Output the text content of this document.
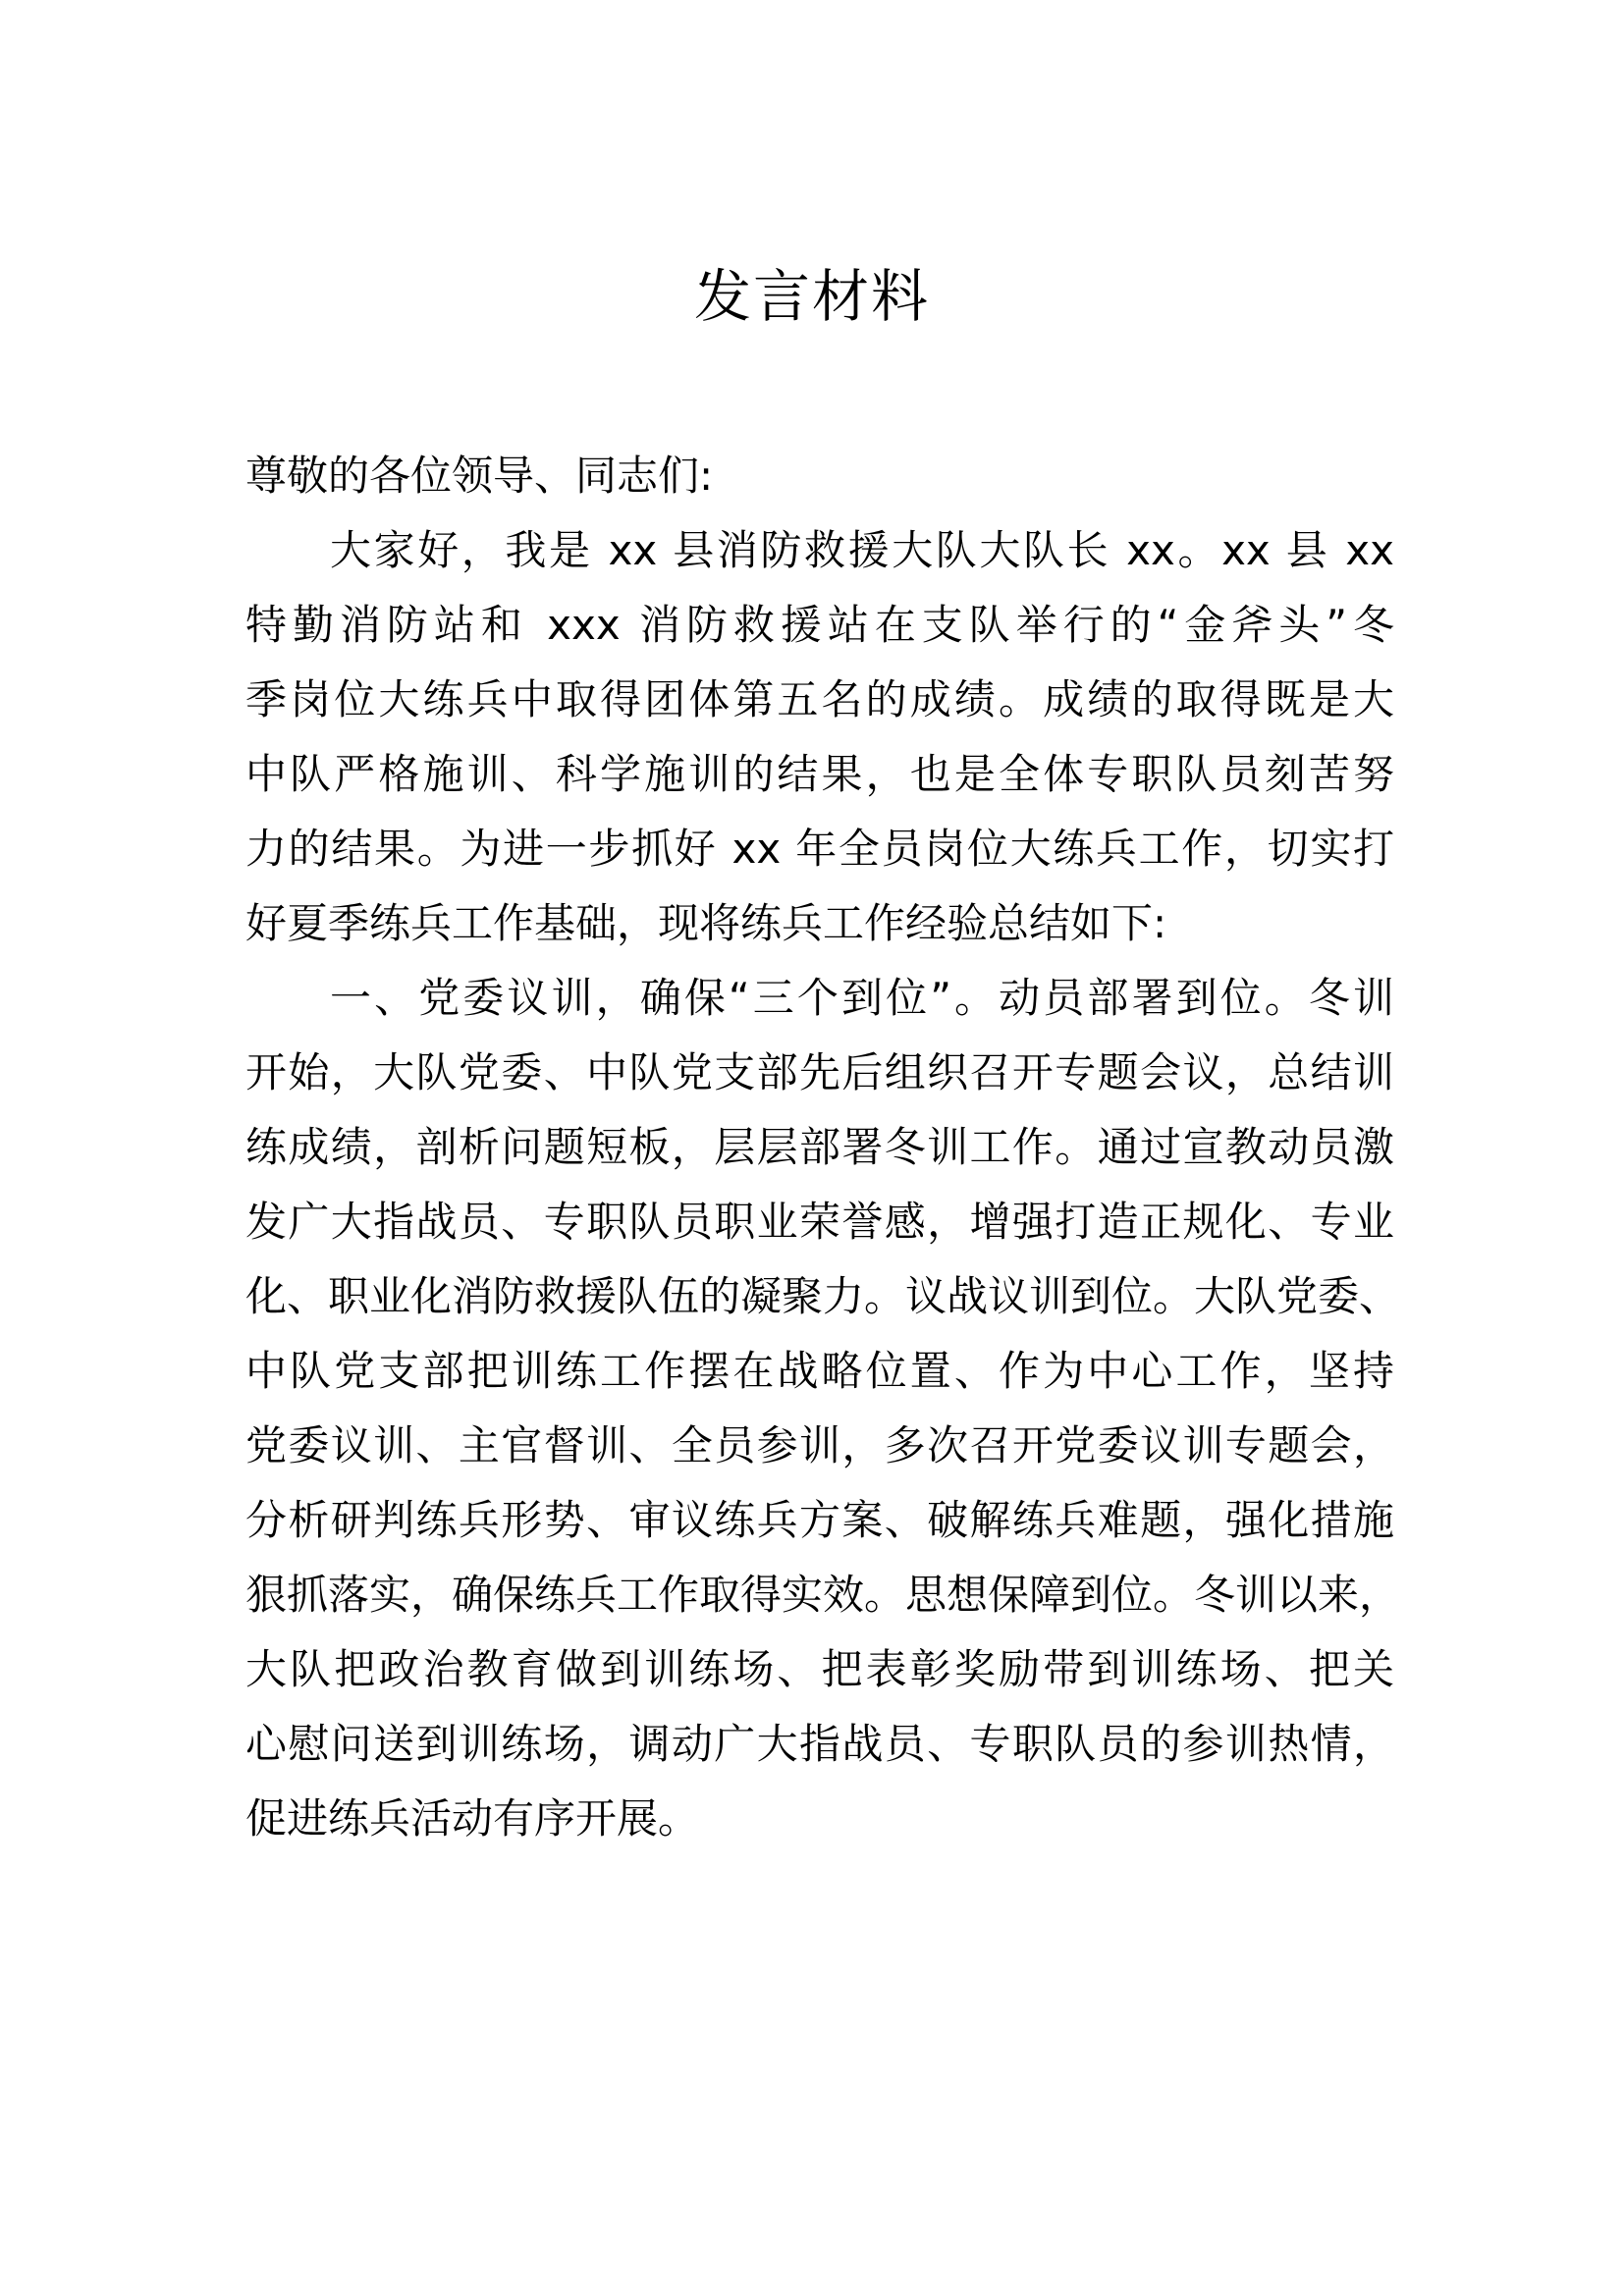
发言材料

尊敬的各位领导、同志们:

大家好，我是 xx 县消防救援大队大队长 xx。xx 县 xx

特勤消防站和 xxx 消防救援站在支队举行的“金斧头”冬

季岗位大练兵中取得团体第五名的成绩。成绩的取得既是大

中队严格施训、科学施训的结果，也是全体专职队员刻苦努

力的结果。为进一步抓好 xx 年全员岗位大练兵工作，切实打

好夏季练兵工作基础，现将练兵工作经验总结如下:

一、党委议训，确保“三个到位”。动员部署到位。冬训

开始，大队党委、中队党支部先后组织召开专题会议，总结训

练成绩，剖析问题短板，层层部署冬训工作。通过宣教动员激

发广大指战员、专职队员职业荣誉感，增强打造正规化、专业

化、职业化消防救援队伍的凝聚力。议战议训到位。大队党委、

中队党支部把训练工作摆在战略位置、作为中心工作，坚持

党委议训、主官督训、全员参训，多次召开党委议训专题会，

分析研判练兵形势、审议练兵方案、破解练兵难题，强化措施

狠抓落实，确保练兵工作取得实效。思想保障到位。冬训以来，

大队把政治教育做到训练场、把表彰奖励带到训练场、把关

心慰问送到训练场，调动广大指战员、专职队员的参训热情，

促进练兵活动有序开展。
